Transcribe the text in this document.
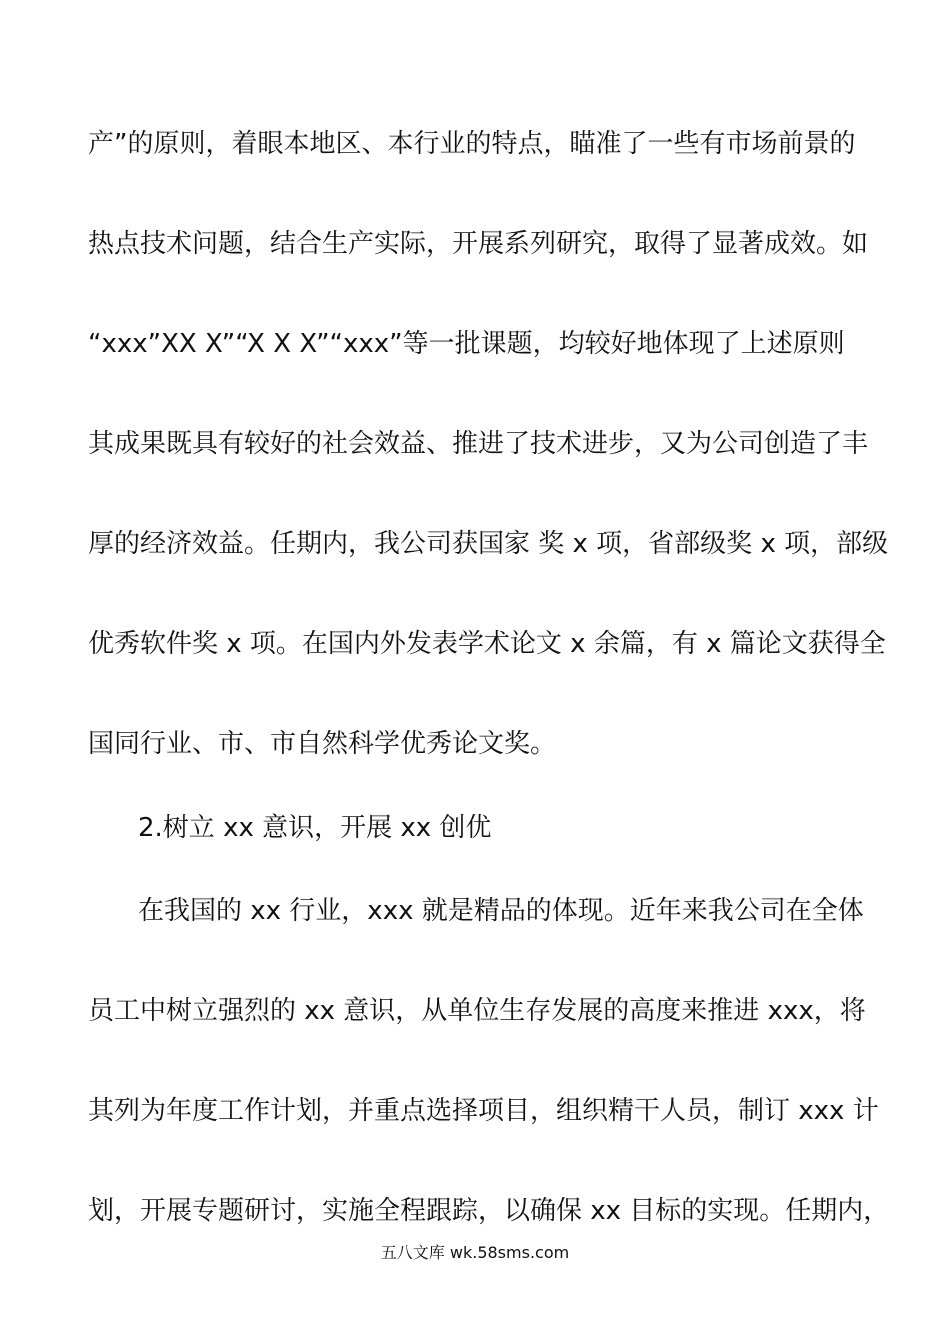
产”的原则，着眼本地区、本行业的特点，瞄准了一些有市场前景的
热点技术问题，结合生产实际，开展系列研究，取得了显著成效。如
“xxx”XX X”“X X X”“xxx”等一批课题，均较好地体现了上述原则
其成果既具有较好的社会效益、推进了技术进步，又为公司创造了丰
厚的经济效益。任期内，我公司获国家 奖 x 项，省部级奖 x 项，部级
优秀软件奖 x 项。在国内外发表学术论文 x 余篇，有 x 篇论文获得全
国同行业、市、市自然科学优秀论文奖。
2.树立 xx 意识，开展 xx 创优
在我国的 xx 行业，xxx 就是精品的体现。近年来我公司在全体
员工中树立强烈的 xx 意识，从单位生存发展的高度来推进 xxx，将
其列为年度工作计划，并重点选择项目，组织精干人员，制订 xxx 计
划，开展专题研讨，实施全程跟踪，以确保 xx 目标的实现。任期内，
五八文库 wk.58sms.com
